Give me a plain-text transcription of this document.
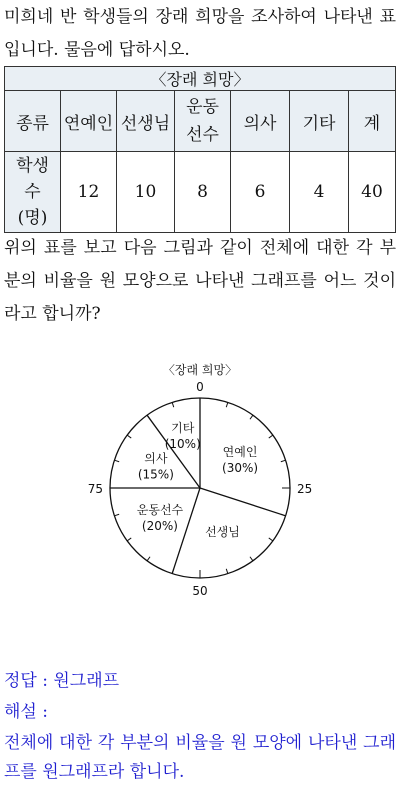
미희네 반 학생들의 장래 희망을 조사하여 나타낸 표

입니다. 물음에 답하시오.

〈장래 희망〉						
종류	연예인	선생님	운동선수	의사	기타	계
학생수(명)	12	10	8	6	4	40

위의 표를 보고 다음 그림과 같이 전체에 대한 각 부

분의 비율을 원 모양으로 나타낸 그래프를 어느 것이

라고 합니까?

〈장래 희망〉
0
25
50
75
연예인
(30%)
선생님
운동선수
(20%)
의사
(15%)
기타
(10%)

정답 : 원그래프

해설 :

전체에 대한 각 부분의 비율을 원 모양에 나타낸 그래

프를 원그래프라 합니다.
